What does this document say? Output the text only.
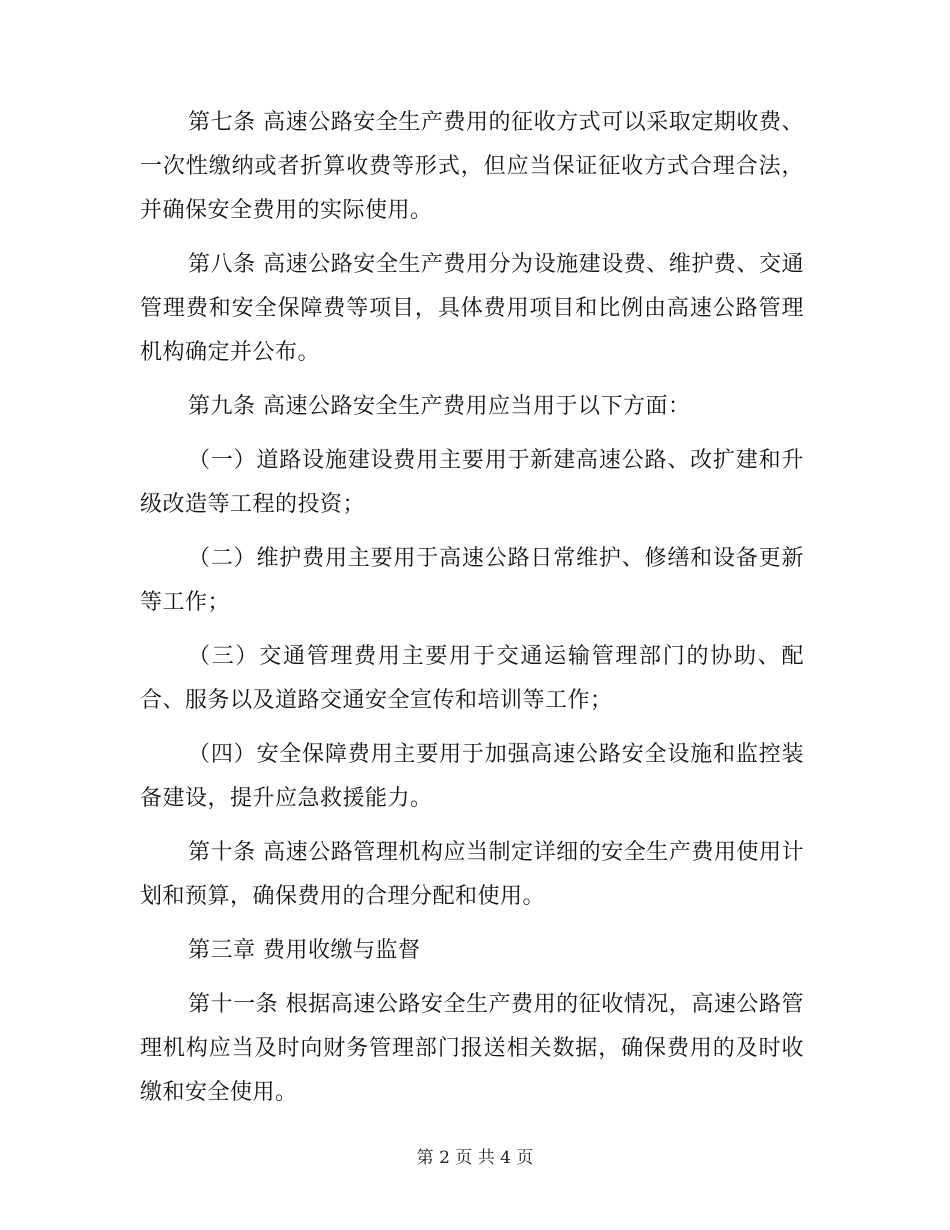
第七条 高速公路安全生产费用的征收方式可以采取定期收费、一次性缴纳或者折算收费等形式，但应当保证征收方式合理合法，并确保安全费用的实际使用。

第八条 高速公路安全生产费用分为设施建设费、维护费、交通管理费和安全保障费等项目，具体费用项目和比例由高速公路管理机构确定并公布。

第九条 高速公路安全生产费用应当用于以下方面：

（一）道路设施建设费用主要用于新建高速公路、改扩建和升级改造等工程的投资；

（二）维护费用主要用于高速公路日常维护、修缮和设备更新等工作；

（三）交通管理费用主要用于交通运输管理部门的协助、配合、服务以及道路交通安全宣传和培训等工作；

（四）安全保障费用主要用于加强高速公路安全设施和监控装备建设，提升应急救援能力。

第十条 高速公路管理机构应当制定详细的安全生产费用使用计划和预算，确保费用的合理分配和使用。

第三章 费用收缴与监督

第十一条 根据高速公路安全生产费用的征收情况，高速公路管理机构应当及时向财务管理部门报送相关数据，确保费用的及时收缴和安全使用。

第 2 页 共 4 页
